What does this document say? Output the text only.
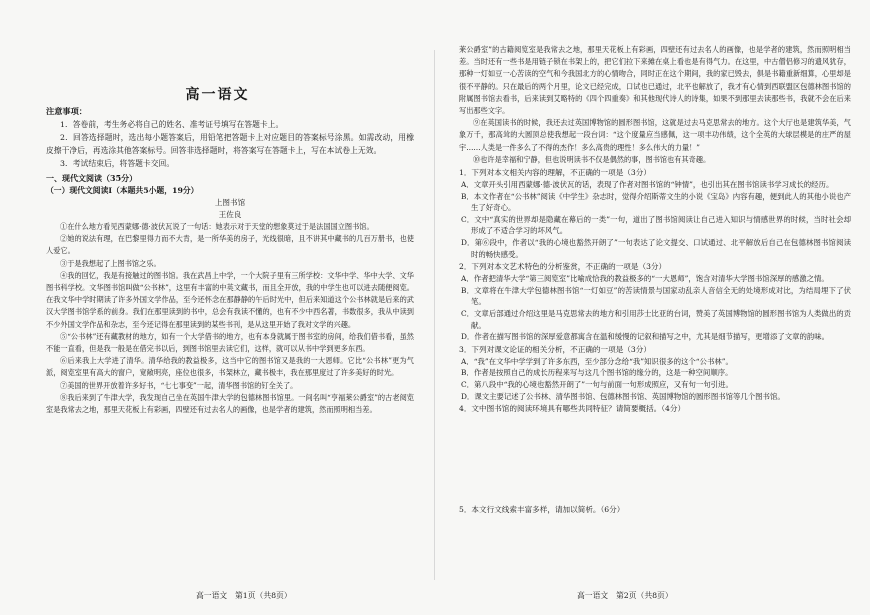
高一语文

注意事项：

1．答卷前，考生务必将自己的姓名、准考证号填写在答题卡上。

2．回答选择题时，选出每小题答案后，用铅笔把答题卡上对应题目的答案标号涂黑。如需改动，用橡皮擦干净后，再选涂其他答案标号。回答非选择题时，将答案写在答题卡上，写在本试卷上无效。

3．考试结束后，将答题卡交回。

一、现代文阅读（35分）

（一）现代文阅读Ⅰ（本题共5小题，19分）

上图书馆

王佐良

①在什么地方看见西蒙娜·德·波伏瓦说了一句话：她表示对于天堂的想象莫过于是法国国立图书馆。

②她的说法有理，在巴黎里得力而不大肯，是一所华美的房子，光线很暗，且不讲其中藏书的几百万册书，也使人爱它。

③于是我想起了上图书馆之乐。

④我的回忆，我是有接触过的图书馆。我在武昌上中学，一个大院子里有三所学校：文华中学、华中大学、文华图书科学校。文华图书馆叫做“公书林”，这里有丰富的中英文藏书，而且全开放，我的中学生也可以进去随便阅览。在我文华中学时期读了许多外国文学作品，至今还怀念在那静静的午后时光中，但后来知道这个公书林就是后来的武汉大学图书馆学系的前身。我们在那里读到的书中，总会有我读不懂的，也有不少中西名著，书数很多，我从中读到不少外国文学作品和杂志，至今还记得在那里读到的某些书刊，是从这里开始了我对文学的兴趣。

⑤“公书林”还有藏教材的地方，如有一个大学借书的地方，也有本身就属于图书室的房间，给我们借书看，虽然不能一直看，但是我一般是在借完书以后，到图书馆里去读它们，这样，就可以从书中学到更多东西。

⑥后来我上大学进了清华。清华给我的教益极多，这当中它的图书馆又是我的一大恩师。它比“公书林”更为气派，阅览室里有高大的窗户，宽敞明亮，座位也很多，书架林立，藏书极丰，我在那里度过了许多美好的时光。

⑦美国的世界开放着许多好书，“七七事变”一起，清华图书馆的钉全关了。

⑧我后来到了牛津大学，我发现自己坐在英国牛津大学的包德林图书馆里。一间名叫“亨福莱公爵室”的古老阅览室是我常去之地，那里天花板上有彩画，四壁还有过去名人的画像，也是学者的建筑，然而照明相当差。

高一语文　第1页（共8页）

莱公爵室”的古籍阅览室是我常去之地，那里天花板上有彩画，四壁还有过去名人的画像，也是学者的建筑，然而照明相当差。当时还有一些书是用链子锁在书架上的，把它们拉下来摊在桌上看也是有得气力。在这里，中古僧侣修习的遗风犹存，那种一灯如豆一心苦读的空气和今我国北方的心情吻合，同时正在这个期间，我的家已毁去，俱是书籍重新细算，心里却是很不平静的。只在最后的两个月里，论文已经完成，口试也已通过，北平也解放了，我才有心情到西联盟区包德林图书馆的附属图书馆去看书，后来读到艾略特的《四个四重奏》和其他现代诗人的诗集，如果不到那里去读那些书，我就不会在后来写出那些文字。

⑨在英国读书的时候，我还去过英国博物馆的圆形图书馆，这就是过去马克思常去的地方。这个大厅也是建筑华美，气象万千，那高耸的大圆顶总使我想起一段台词：“这个度量应当感佩，这一项丰功伟绩，这个全英的大球层模是的庄严的屋宇……人类是一件多么了不得的杰作！多么高贵的理性！多么伟大的力量！”

⑩也许是幸福和宁静，但也说明读书不仅是偶然的事，图书馆也有其奇趣。

1．下列对本文相关内容的理解，不正确的一项是（3分）

A．文章开头引用西蒙娜·德·波伏瓦的话，表现了作者对图书馆的“钟情”，也引出其在图书馆读书学习成长的经历。

B．本文作者在“公书林”阅读《中学生》杂志时，觉得介绍斯蒂文生的小说《宝岛》内容有趣，便到此人的其他小说也产生了好奇心。

C．文中“真实的世界却是隐藏在幕后的一类”一句，道出了图书馆阅读让自己进入知识与情感世界的时候，当时社会却形成了不适合学习的坏风气。

D．第⑥段中，作者以“我的心境也豁然开朗了”一句表达了论文提交、口试通过、北平解放后自己在包德林图书馆阅读时的畅快感受。

2．下列对本文艺术特色的分析鉴赏，不正确的一项是（3分）

A．作者把清华大学“第三阅览室”比喻成恰我的教益极多的“一大恩师”，饱含对清华大学图书馆深厚的感激之情。

B．文章将在牛津大学包德林图书馆“一灯如豆”的苦读情景与国家动乱亲人音信全无的处境形成对比，为结局埋下了伏笔。

C．文章后部通过介绍这里是马克思常去的地方和引用莎士比亚的台词，赞美了英国博物馆的圆形图书馆为人类做出的贡献。

D．作者在描写图书馆的深厚爱意都寓含在温和缓慢的记叙和描写之中，尤其是细节描写，更增添了文章的韵味。

3．下列对课文论证的相关分析，不正确的一项是（3分）

A．“我”在文华中学学到了许多东西，至少部分念给“我”知识很多的这个“公书林”。

B．作者是按照自己的成长历程来写与这几个图书馆的缘分的，这是一种空间顺序。

C．第八段中“我的心境也豁然开朗了”一句与前面一句形成照应，又有句一句引进。

D．课文主要记述了公书林、清华图书馆、包德林图书馆、英国博物馆的圆形图书馆等几个图书馆。

4．文中图书馆的阅读环境具有哪些共同特征？请简要概括。（4分）

5．本文行文线索丰富多样，请加以简析。（6分）

高一语文　第2页（共8页）
